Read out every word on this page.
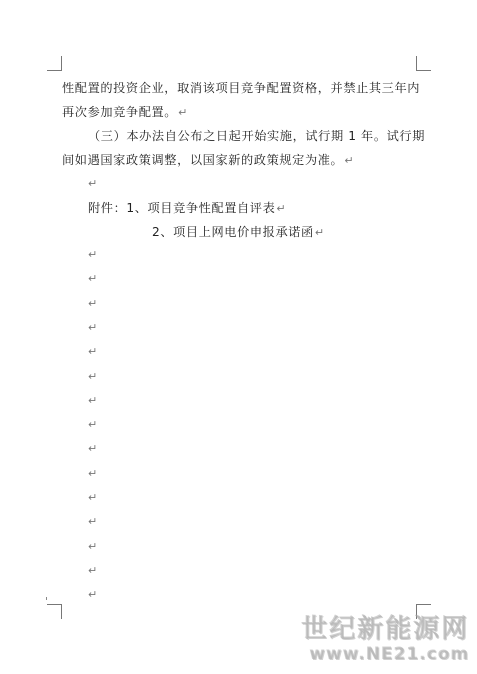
性配置的投资企业，取消该项目竞争配置资格，并禁止其三年内
再次参加竞争配置。↵
（三）本办法自公布之日起开始实施，试行期 1 年。试行期
间如遇国家政策调整，以国家新的政策规定为准。↵
↵
附件：1、项目竞争性配置自评表↵
2、项目上网电价申报承诺函↵
↵
↵
↵
↵
↵
↵
↵
↵
↵
↵
↵
↵
↵
↵
↵
世纪新能源网
www.NE21.com
